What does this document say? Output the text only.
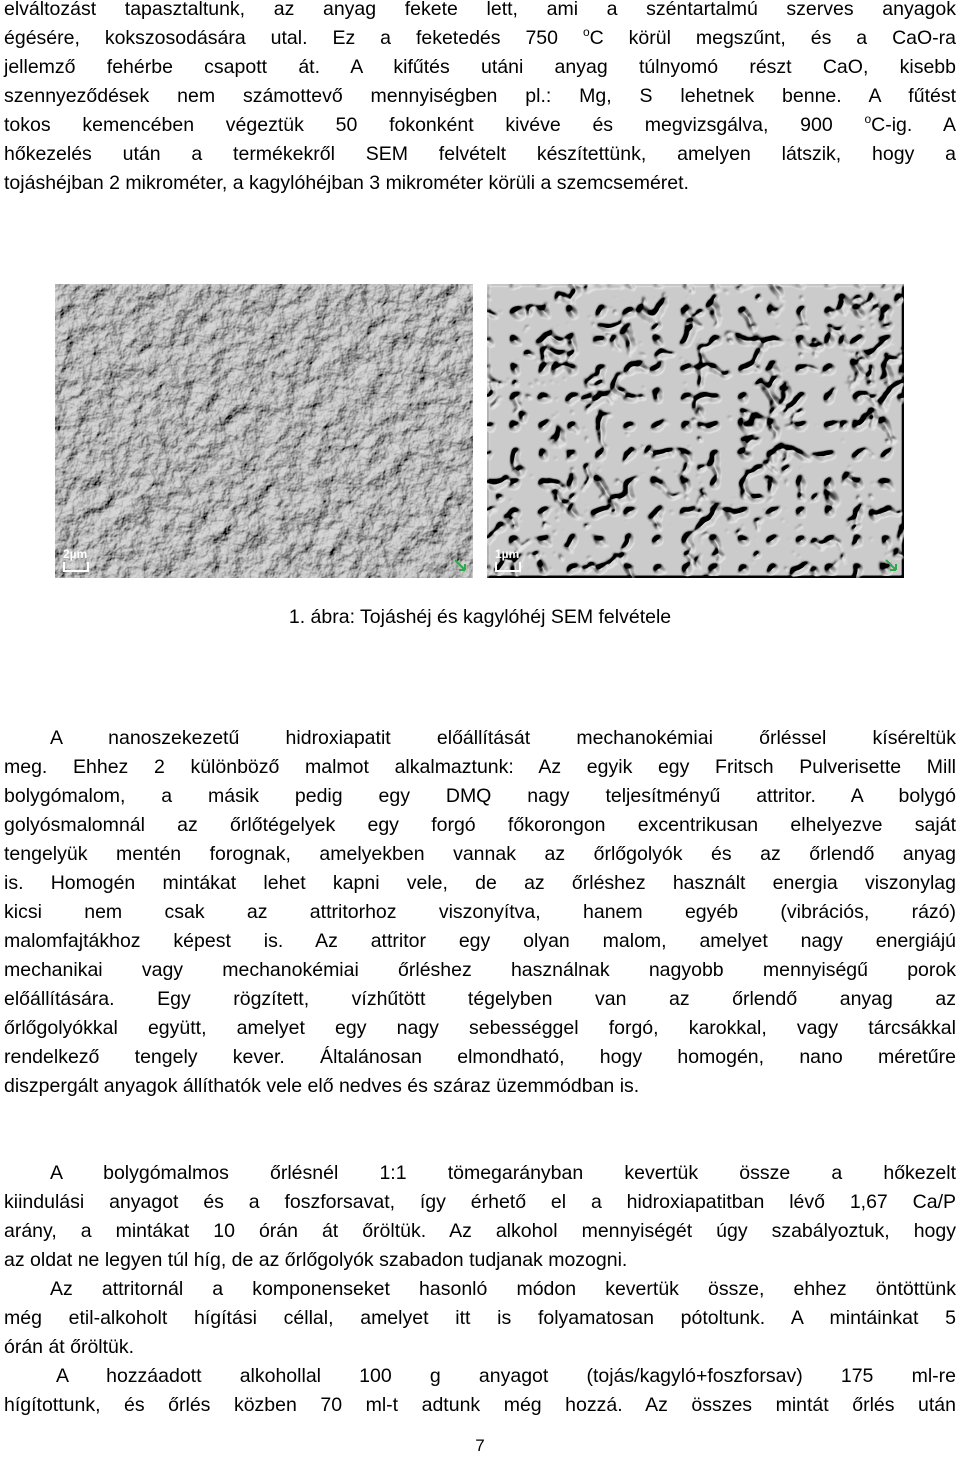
elváltozást tapasztaltunk, az anyag fekete lett, ami a széntartalmú szerves anyagok
égésére, kokszosodására utal. Ez a feketedés 750 $^o$C körül megszűnt, és a CaO-ra
jellemző fehérbe csapott át. A kifűtés utáni anyag túlnyomó részt CaO, kisebb
szennyeződések nem számottevő mennyiségben pl.: Mg, S lehetnek benne. A fűtést
tokos kemencében végeztük 50 fokonként kivéve és megvizsgálva, 900 $^o$C-ig. A
hőkezelés után a termékekről SEM felvételt készítettünk, amelyen látszik, hogy a
tojáshéjban 2 mikrométer, a kagylóhéjban 3 mikrométer körüli a szemcseméret.
2µm	1µm
1. ábra: Tojáshéj és kagylóhéj SEM felvétele
A nanoszekezetű hidroxiapatit előállítását mechanokémiai őrléssel kíséreltük
meg. Ehhez 2 különböző malmot alkalmaztunk: Az egyik egy Fritsch Pulverisette Mill
bolygómalom, a másik pedig egy DMQ nagy teljesítményű attritor. A bolygó
golyósmalomnál az őrlőtégelyek egy forgó főkorongon excentrikusan elhelyezve saját
tengelyük mentén forognak, amelyekben vannak az őrlőgolyók és az őrlendő anyag
is. Homogén mintákat lehet kapni vele, de az őrléshez használt energia viszonylag
kicsi nem csak az attritorhoz viszonyítva, hanem egyéb (vibrációs, rázó)
malomfajtákhoz képest is. Az attritor egy olyan malom, amelyet nagy energiájú
mechanikai vagy mechanokémiai őrléshez használnak nagyobb mennyiségű porok
előállítására. Egy rögzített, vízhűtött tégelyben van az őrlendő anyag az
őrlőgolyókkal együtt, amelyet egy nagy sebességgel forgó, karokkal, vagy tárcsákkal
rendelkező tengely kever. Általánosan elmondható, hogy homogén, nano méretűre
diszpergált anyagok állíthatók vele elő nedves és száraz üzemmódban is.
A bolygómalmos őrlésnél 1:1 tömegarányban kevertük össze a hőkezelt
kiindulási anyagot és a foszforsavat, így érhető el a hidroxiapatitban lévő 1,67 Ca/P
arány, a mintákat 10 órán át őröltük. Az alkohol mennyiségét úgy szabályoztuk, hogy
az oldat ne legyen túl híg, de az őrlőgolyók szabadon tudjanak mozogni.
Az attritornál a komponenseket hasonló módon kevertük össze, ehhez öntöttünk
még etil-alkoholt hígítási céllal, amelyet itt is folyamatosan pótoltunk. A mintáinkat 5
órán át őröltük.
A hozzáadott alkohollal 100 g anyagot (tojás/kagyló+foszforsav) 175 ml-re
hígítottunk, és őrlés közben 70 ml-t adtunk még hozzá. Az összes mintát őrlés után
7
